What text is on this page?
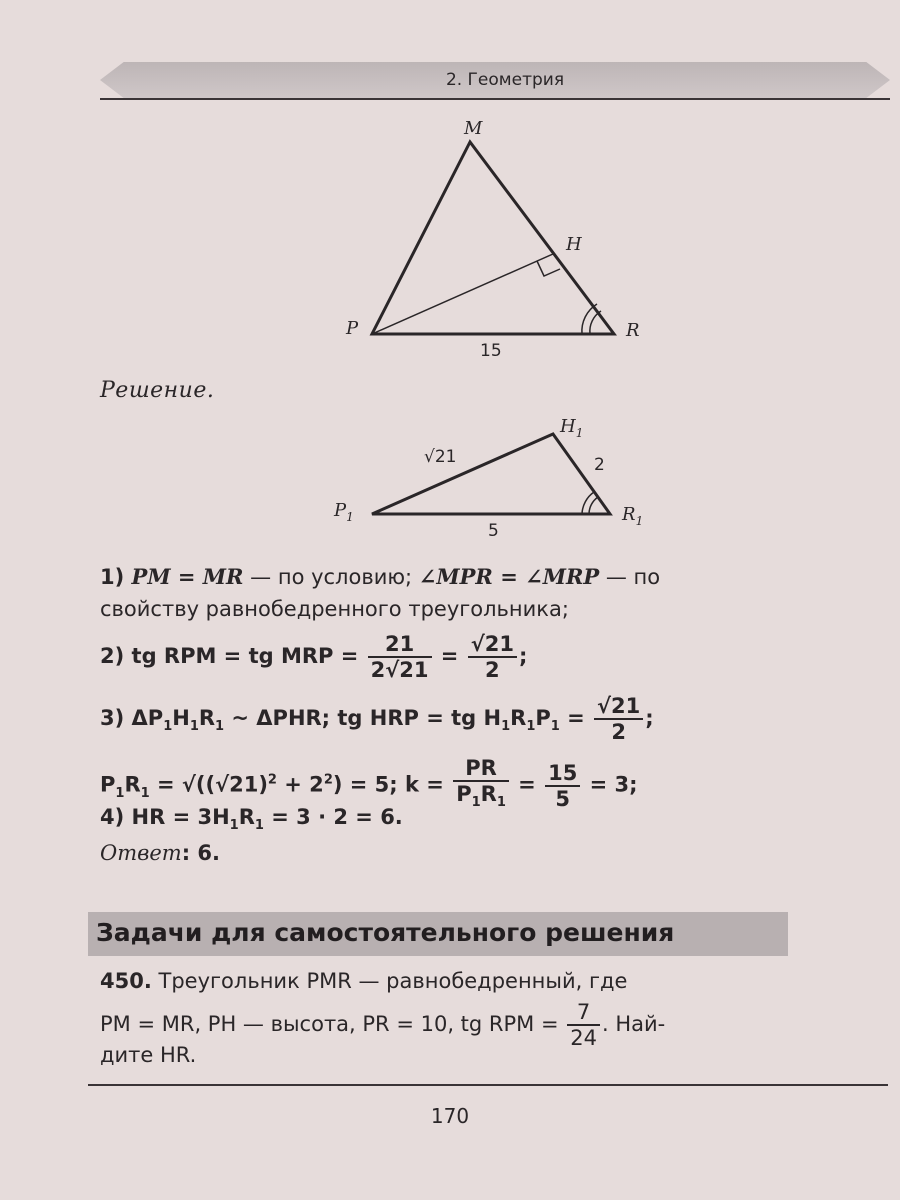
2. Геометрия
M
H
P	R
15
$H_1$
$P_1$	$R_1$
√21	2
5
Решение.
1) PM = MR — по условию; ∠MPR = ∠MRP — по
свойству равнобедренного треугольника;
2) tg RPM = tg MRP = $\frac{21}{2√21} = \frac{√21}{2}$ ;
3) $\Delta P_1H_1R_1$ ~ ΔPHR; tg HRP = tg $H_1R_1P_1 = \frac{√21}{2}$ ;
$P_1R_1 = √((√21)^2 + 2^2) = 5$; $k = \frac{PR}{P_1R_1} = \frac{15}{5} = 3$;
4) HR = $3H_1R_1 = 3 \cdot 2 = 6$.
Ответ: 6.
Задачи для самостоятельного решения
450. Треугольник PMR — равнобедренный, где
PM = MR, PH — высота, PR = 10, tg RPM = $\frac{7}{24}$ . Най-
дите HR.
170
